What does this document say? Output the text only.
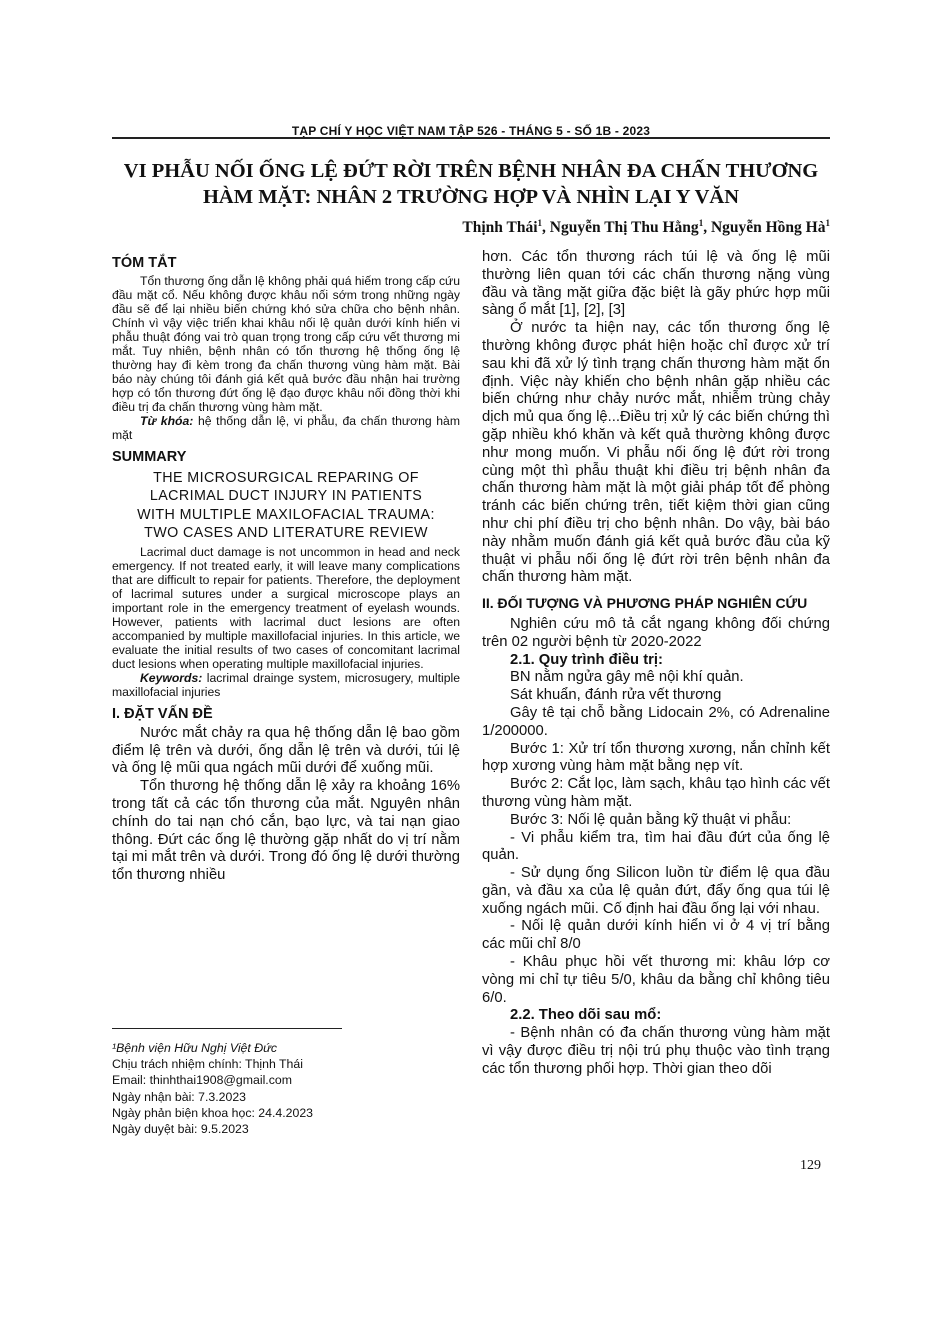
TẠP CHÍ Y HỌC VIỆT NAM TẬP 526 - THÁNG 5 - SỐ 1B - 2023
VI PHẪU NỐI ỐNG LỆ ĐỨT RỜI TRÊN BỆNH NHÂN ĐA CHẤN THƯƠNG
HÀM MẶT: NHÂN 2 TRƯỜNG HỢP VÀ NHÌN LẠI Y VĂN
Thịnh Thái$^1$, Nguyễn Thị Thu Hằng$^1$, Nguyễn Hồng $Hà^1$
TÓM TẮT
Tổn thương ống dẫn lệ không phải quá hiếm trong cấp cứu đầu mặt cổ. Nếu không được khâu nối sớm trong những ngày đầu sẽ để lại nhiều biến chứng khó sửa chữa cho bệnh nhân. Chính vì vậy việc triển khai khâu nối lệ quản dưới kính hiển vi phẫu thuật đóng vai trò quan trọng trong cấp cứu vết thương mi mắt. Tuy nhiên, bệnh nhân có tổn thương hệ thống ống lệ thường hay đi kèm trong đa chấn thương vùng hàm mặt. Bài báo này chúng tôi đánh giá kết quả bước đầu nhận hai trường hợp có tổn thương đứt ống lệ đạo được khâu nối đồng thời khi điều trị đa chấn thương vùng hàm mặt.
Từ khóa: hệ thống dẫn lệ, vi phẫu, đa chấn thương hàm mặt
SUMMARY
THE MICROSURGICAL REPARING OF
LACRIMAL DUCT INJURY IN PATIENTS
WITH MULTIPLE MAXILOFACIAL TRAUMA:
TWO CASES AND LITERATURE REVIEW
Lacrimal duct damage is not uncommon in head and neck emergency. If not treated early, it will leave many complications that are difficult to repair for patients. Therefore, the deployment of lacrimal sutures under a surgical microscope plays an important role in the emergency treatment of eyelash wounds. However, patients with lacrimal duct lesions are often accompanied by multiple maxillofacial injuries. In this article, we evaluate the initial results of two cases of concomitant lacrimal duct lesions when operating multiple maxillofacial injuries.
Keywords: lacrimal drainge system, microsugery, multiple maxillofacial injuries
I. ĐẶT VẤN ĐỀ
Nước mắt chảy ra qua hệ thống dẫn lệ bao gồm điểm lệ trên và dưới, ống dẫn lệ trên và dưới, túi lệ và ống lệ mũi qua ngách mũi dưới để xuống mũi.
Tổn thương hệ thống dẫn lệ xảy ra khoảng 16% trong tất cả các tổn thương của mắt. Nguyên nhân chính do tai nạn chó cắn, bạo lực, và tai nạn giao thông. Đứt các ống lệ thường gặp nhất do vị trí nằm tại mi mắt trên và dưới. Trong đó ống lệ dưới thường tổn thương nhiều
¹Bệnh viện Hữu Nghị Việt Đức
Chịu trách nhiệm chính: Thịnh Thái
Email: thinhthai1908@gmail.com
Ngày nhận bài: 7.3.2023
Ngày phản biện khoa học: 24.4.2023
Ngày duyệt bài: 9.5.2023
hơn. Các tổn thương rách túi lệ và ống lệ mũi thường liên quan tới các chấn thương nặng vùng đầu và tầng mặt giữa đặc biệt là gãy phức hợp mũi sàng ổ mắt [1], [2], [3]
Ở nước ta hiện nay, các tổn thương ống lệ thường không được phát hiện hoặc chỉ được xử trí sau khi đã xử lý tình trạng chấn thương hàm mặt ổn định. Việc này khiến cho bệnh nhân gặp nhiều các biến chứng như chảy nước mắt, nhiễm trùng chảy dịch mủ qua ống lệ...Điều trị xử lý các biến chứng thì gặp nhiều khó khăn và kết quả thường không được như mong muốn. Vi phẫu nối ống lệ đứt rời trong cùng một thì phẫu thuật khi điều trị bệnh nhân đa chấn thương hàm mặt là một giải pháp tốt để phòng tránh các biến chứng trên, tiết kiệm thời gian cũng như chi phí điều trị cho bệnh nhân. Do vậy, bài báo này nhằm muốn đánh giá kết quả bước đầu của kỹ thuật vi phẫu nối ống lệ đứt rời trên bệnh nhân đa chấn thương hàm mặt.
II. ĐỐI TƯỢNG VÀ PHƯƠNG PHÁP NGHIÊN CỨU
Nghiên cứu mô tả cắt ngang không đối chứng trên 02 người bệnh từ 2020-2022
2.1. Quy trình điều trị:
BN nằm ngửa gây mê nội khí quản.
Sát khuẩn, đánh rửa vết thương
Gây tê tại chỗ bằng Lidocain 2%, có Adrenaline 1/200000.
Bước 1: Xử trí tổn thương xương, nắn chỉnh kết hợp xương vùng hàm mặt bằng nẹp vít.
Bước 2: Cắt lọc, làm sạch, khâu tạo hình các vết thương vùng hàm mặt.
Bước 3: Nối lệ quản bằng kỹ thuật vi phẫu:
- Vi phẫu kiểm tra, tìm hai đầu đứt của ống lệ quản.
- Sử dụng ống Silicon luồn từ điểm lệ qua đầu gần, và đầu xa của lệ quản đứt, đẩy ống qua túi lệ xuống ngách mũi. Cố định hai đầu ống lại với nhau.
- Nối lệ quản dưới kính hiển vi ở 4 vị trí bằng các mũi chỉ 8/0
- Khâu phục hồi vết thương mi: khâu lớp cơ vòng mi chỉ tự tiêu 5/0, khâu da bằng chỉ không tiêu 6/0.
2.2. Theo dõi sau mổ:
- Bệnh nhân có đa chấn thương vùng hàm mặt vì vậy được điều trị nội trú phụ thuộc vào tình trạng các tổn thương phối hợp. Thời gian theo dõi
129
